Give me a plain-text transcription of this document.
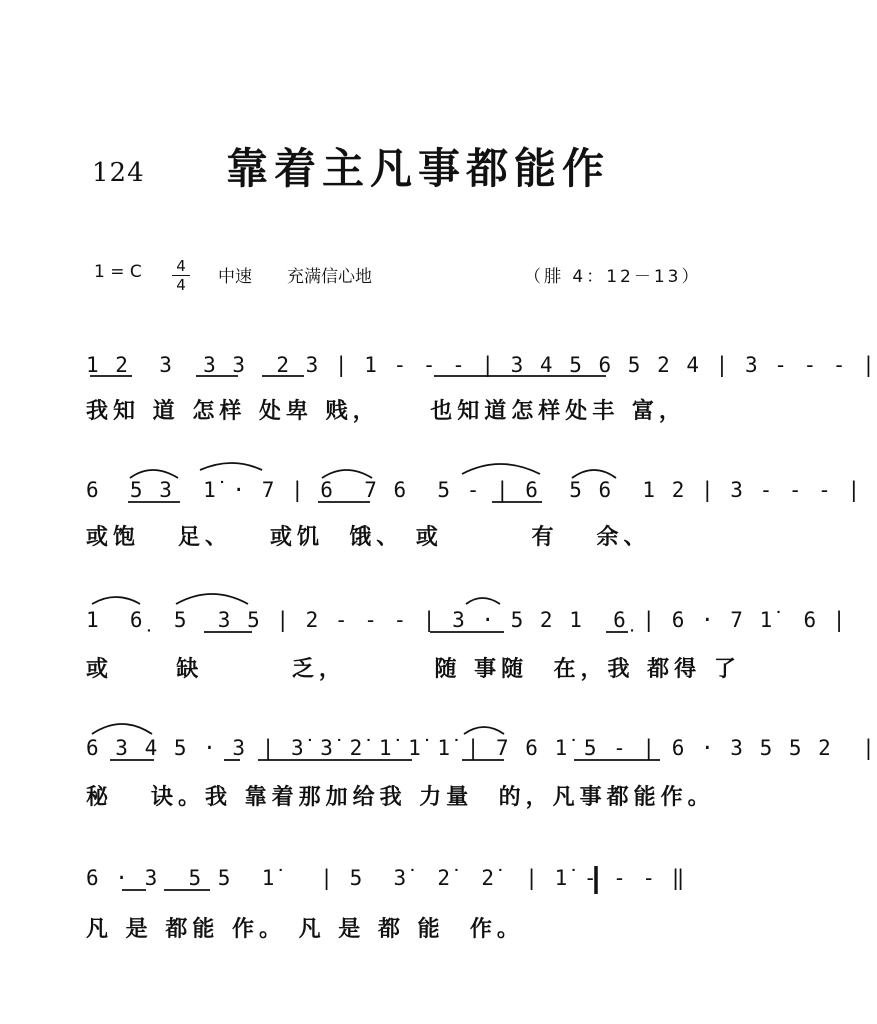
124 靠着主凡事都能作
1 = C 4
4 中速 充满信心地	（腓 4：12－13）
1 2  3  3 3  2 3 | 1 - - - | 3 4 5 6 5 2 4 | 3 - - - |
我知 道 怎样 处卑 贱，    也知道怎样处丰 富，
6  5 3  1̇ · 7 | 6  7 6  5 - | 6  5 6  1 2 | 3 - - - |
或饱   足、   或饥  饿、 或       有   余、
1  6̣  5  3 5 | 2 - - - | 3 · 5 2 1  6̣ | 6 · 7 1̇  6 |
或     缺       乏，       随 事随  在，我 都得 了
6 3 4 5 · 3 | 3̇ 3̇ 2̇ 1̇ 1̇ 1̇ | 7 6 1̇ 5 - | 6 · 3 5 5 2  |
秘   诀。我 靠着那加给我 力量  的，凡事都能作。
6 · 3  5 5  1̇   | 5  3̇  2̇  2̇  | 1̇ - - - ‖
凡 是 都能 作。 凡 是 都 能  作。
